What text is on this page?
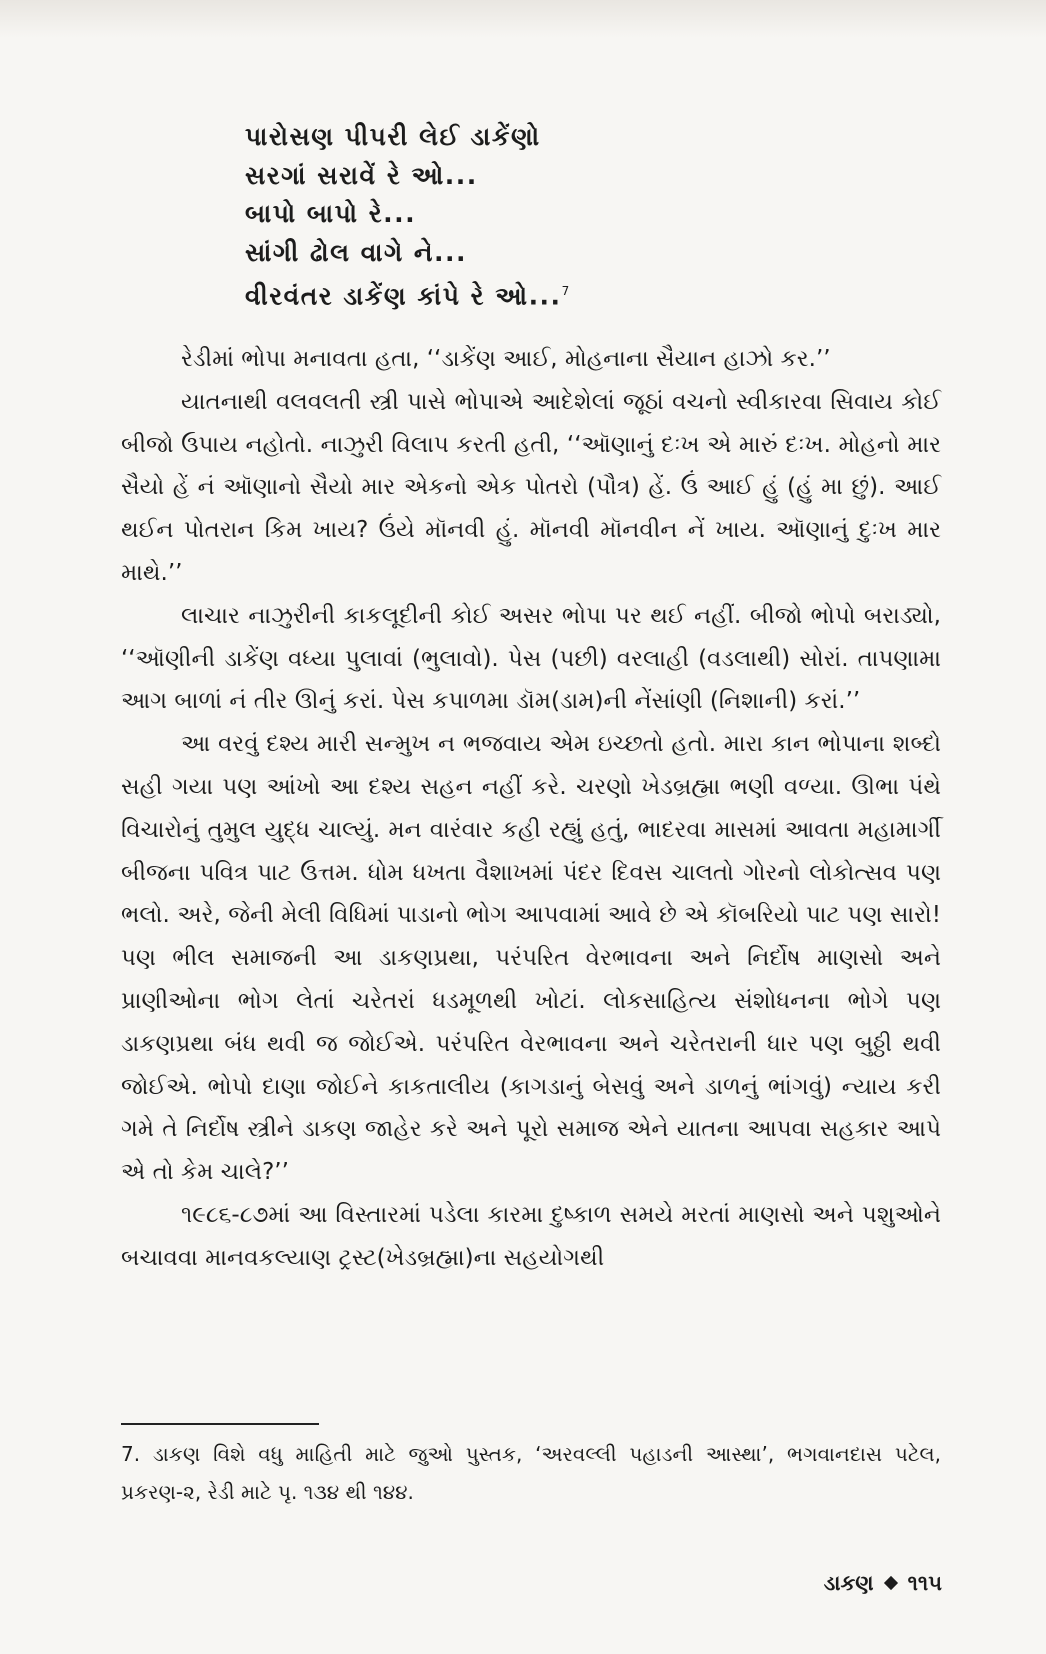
પારોસણ પીપરી લેઈ ડાકેંણો
સરગાં સરાવેં રે ઓ...
બાપો બાપો રે...
સાંગી ઢોલ વાગે ને...
વીરવંતર ડાકેંણ કાંપે રે ઓ...$^7$

રેડીમાં ભોપા મનાવતા હતા, ‘‘ડાકેંણ આઈ, મોહનાના સૈયાન હાઝો કર.’’

યાતનાથી વલવલતી સ્ત્રી પાસે ભોપાએ આદેશેલાં જૂઠાં વચનો સ્વીકારવા સિવાય કોઈ બીજો ઉપાય નહોતો. નાઝુરી વિલાપ કરતી હતી, ‘‘ઑણાનું દઃખ એ મારું દઃખ. મોહનો માર સૈયો હેં નં ઑણાનો સૈયો માર એકનો એક પોતરો (પૌત્ર) હેં. ઉં આઈ હું (હું મા છું). આઈ થઈન પોતરાન કિમ ખાય? ઉંયે મૉનવી હું. મૉનવી મૉનવીન નેં ખાય. ઑણાનું દુઃખ માર માથે.’’

લાચાર નાઝુરીની કાકલૂદીની કોઈ અસર ભોપા પર થઈ નહીં. બીજો ભોપો બરાડ્યો, ‘‘ઑણીની ડાકેંણ વધ્યા પુલાવાં (ભુલાવો). પેસ (પછી) વરલાહી (વડલાથી) સોરાં. તાપણામા આગ બાળાં નં તીર ઊનું કરાં. પેસ કપાળમા ડૉમ(ડામ)ની નેંસાંણી (નિશાની) કરાં.’’

આ વરવું દશ્ય મારી સન્મુખ ન ભજવાય એમ ઇચ્છતો હતો. મારા કાન ભોપાના શબ્દો સહી ગયા પણ આંખો આ દશ્ય સહન નહીં કરે. ચરણો ખેડબ્રહ્મા ભણી વળ્યા. ઊભા પંથે વિચારોનું તુમુલ યુદ્ધ ચાલ્યું. મન વારંવાર કહી રહ્યું હતું, ભાદરવા માસમાં આવતા મહામાર્ગી બીજના પવિત્ર પાટ ઉત્તમ. ધોમ ધખતા વૈશાખમાં પંદર દિવસ ચાલતો ગોરનો લોકોત્સવ પણ ભલો. અરે, જેની મેલી વિધિમાં પાડાનો ભોગ આપવામાં આવે છે એ કૉબરિયો પાટ પણ સારો! પણ ભીલ સમાજની આ ડાકણપ્રથા, પરંપરિત વેરભાવના અને નિર્દોષ માણસો અને પ્રાણીઓના ભોગ લેતાં ચરેતરાં ધડમૂળથી ખોટાં. લોકસાહિત્ય સંશોધનના ભોગે પણ ડાકણપ્રથા બંધ થવી જ જોઈએ. પરંપરિત વેરભાવના અને ચરેતરાની ધાર પણ બુઠ્ઠી થવી જોઈએ. ભોપો દાણા જોઈને કાકતાલીય (કાગડાનું બેસવું અને ડાળનું ભાંગવું) ન્યાય કરી ગમે તે નિર્દોષ સ્ત્રીને ડાકણ જાહેર કરે અને પૂરો સમાજ એને યાતના આપવા સહકાર આપે એ તો કેમ ચાલે?’’

૧૯૮૬-૮૭માં આ વિસ્તારમાં પડેલા કારમા દુષ્કાળ સમયે મરતાં માણસો અને પશુઓને બચાવવા માનવકલ્યાણ ટ્રસ્ટ(ખેડબ્રહ્મા)ના સહયોગથી

7. ડાકણ વિશે વધુ માહિતી માટે જુઓ પુસ્તક, ‘અરવલ્લી પહાડની આસ્થા’, ભગવાનદાસ પટેલ, પ્રકરણ-૨, રેડી માટે પૃ. ૧૩૪ થી ૧૪૪.
ડાકણ ૧૧૫
